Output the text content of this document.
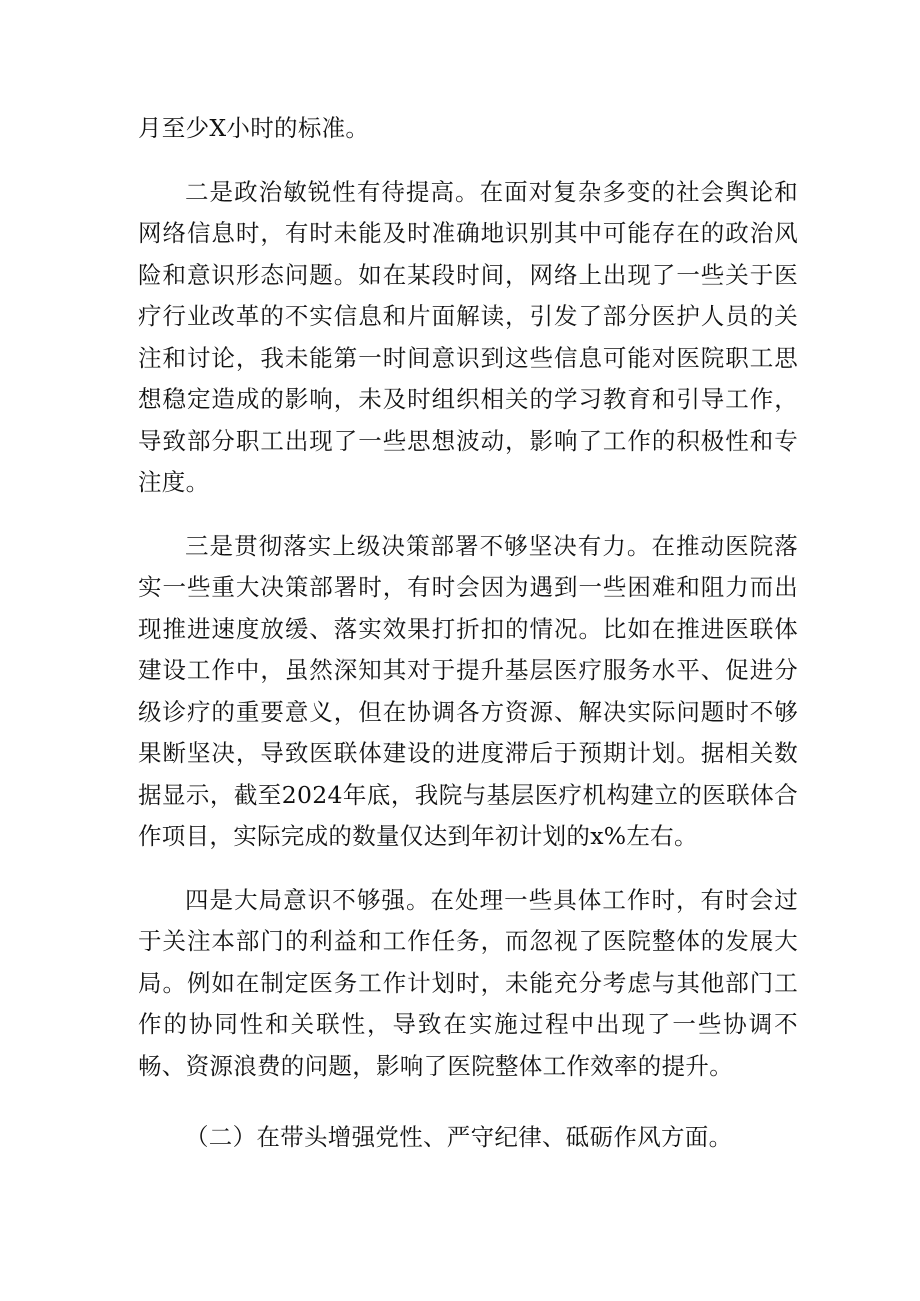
月至少X小时的标准。

二是政治敏锐性有待提高。在面对复杂多变的社会舆论和网络信息时，有时未能及时准确地识别其中可能存在的政治风险和意识形态问题。如在某段时间，网络上出现了一些关于医疗行业改革的不实信息和片面解读，引发了部分医护人员的关注和讨论，我未能第一时间意识到这些信息可能对医院职工思想稳定造成的影响，未及时组织相关的学习教育和引导工作，导致部分职工出现了一些思想波动，影响了工作的积极性和专注度。

三是贯彻落实上级决策部署不够坚决有力。在推动医院落实一些重大决策部署时，有时会因为遇到一些困难和阻力而出现推进速度放缓、落实效果打折扣的情况。比如在推进医联体建设工作中，虽然深知其对于提升基层医疗服务水平、促进分级诊疗的重要意义，但在协调各方资源、解决实际问题时不够果断坚决，导致医联体建设的进度滞后于预期计划。据相关数据显示，截至2024年底，我院与基层医疗机构建立的医联体合作项目，实际完成的数量仅达到年初计划的x%左右。

四是大局意识不够强。在处理一些具体工作时，有时会过于关注本部门的利益和工作任务，而忽视了医院整体的发展大局。例如在制定医务工作计划时，未能充分考虑与其他部门工作的协同性和关联性，导致在实施过程中出现了一些协调不畅、资源浪费的问题，影响了医院整体工作效率的提升。

（二）在带头增强党性、严守纪律、砥砺作风方面。
